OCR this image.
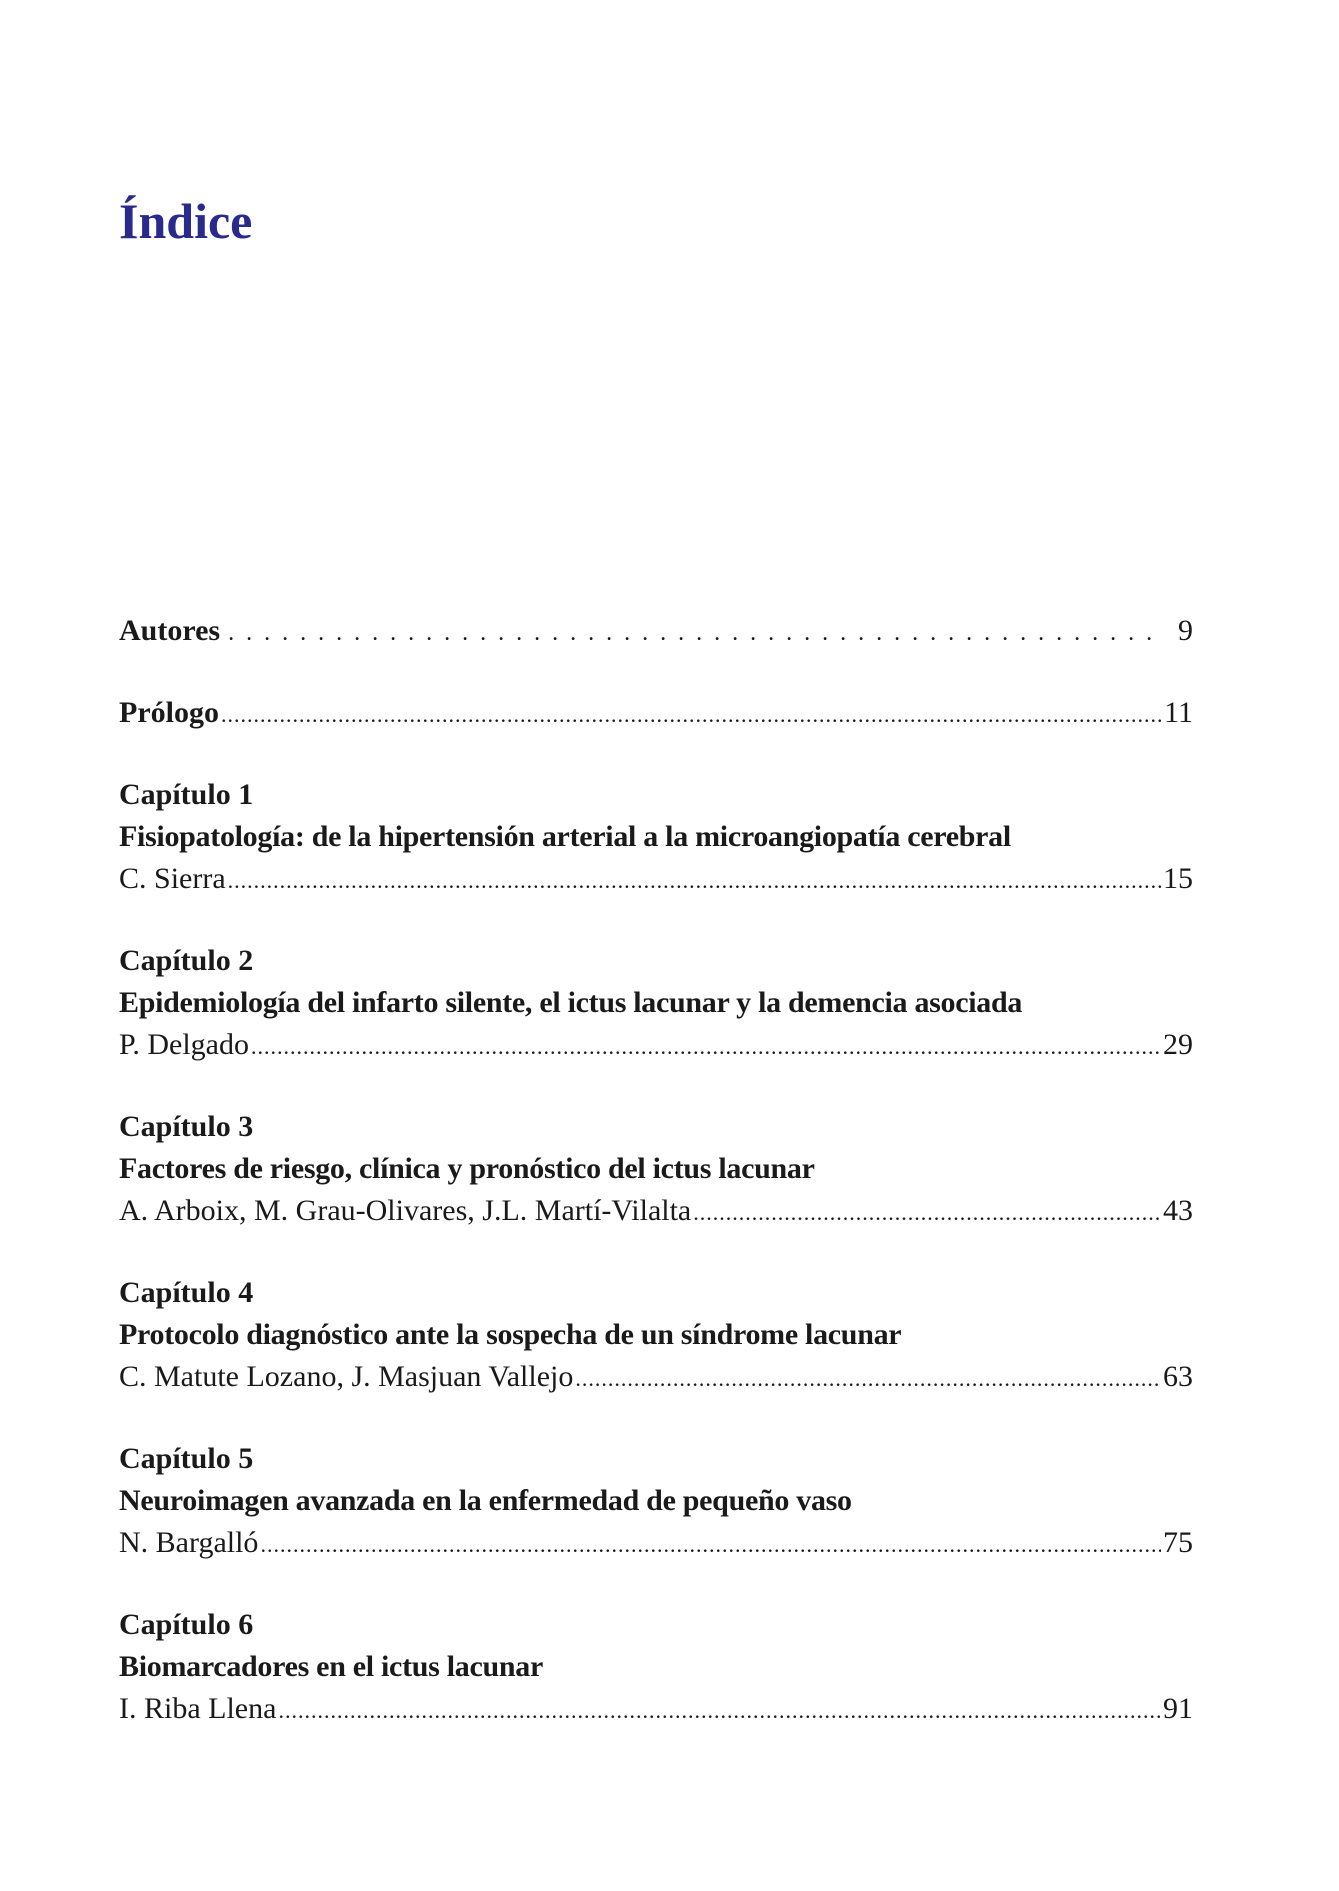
Índice
Autores .....	9
Prólogo .....	11
Capítulo 1
Fisiopatología: de la hipertensión arterial a la microangiopatía cerebral
C. Sierra .....	15
Capítulo 2
Epidemiología del infarto silente, el ictus lacunar y la demencia asociada
P. Delgado .....	29
Capítulo 3
Factores de riesgo, clínica y pronóstico del ictus lacunar
A. Arboix, M. Grau-Olivares, J.L. Martí-Vilalta .....	43
Capítulo 4
Protocolo diagnóstico ante la sospecha de un síndrome lacunar
C. Matute Lozano, J. Masjuan Vallejo .....	63
Capítulo 5
Neuroimagen avanzada en la enfermedad de pequeño vaso
N. Bargalló .....	75
Capítulo 6
Biomarcadores en el ictus lacunar
I. Riba Llena .....	91
